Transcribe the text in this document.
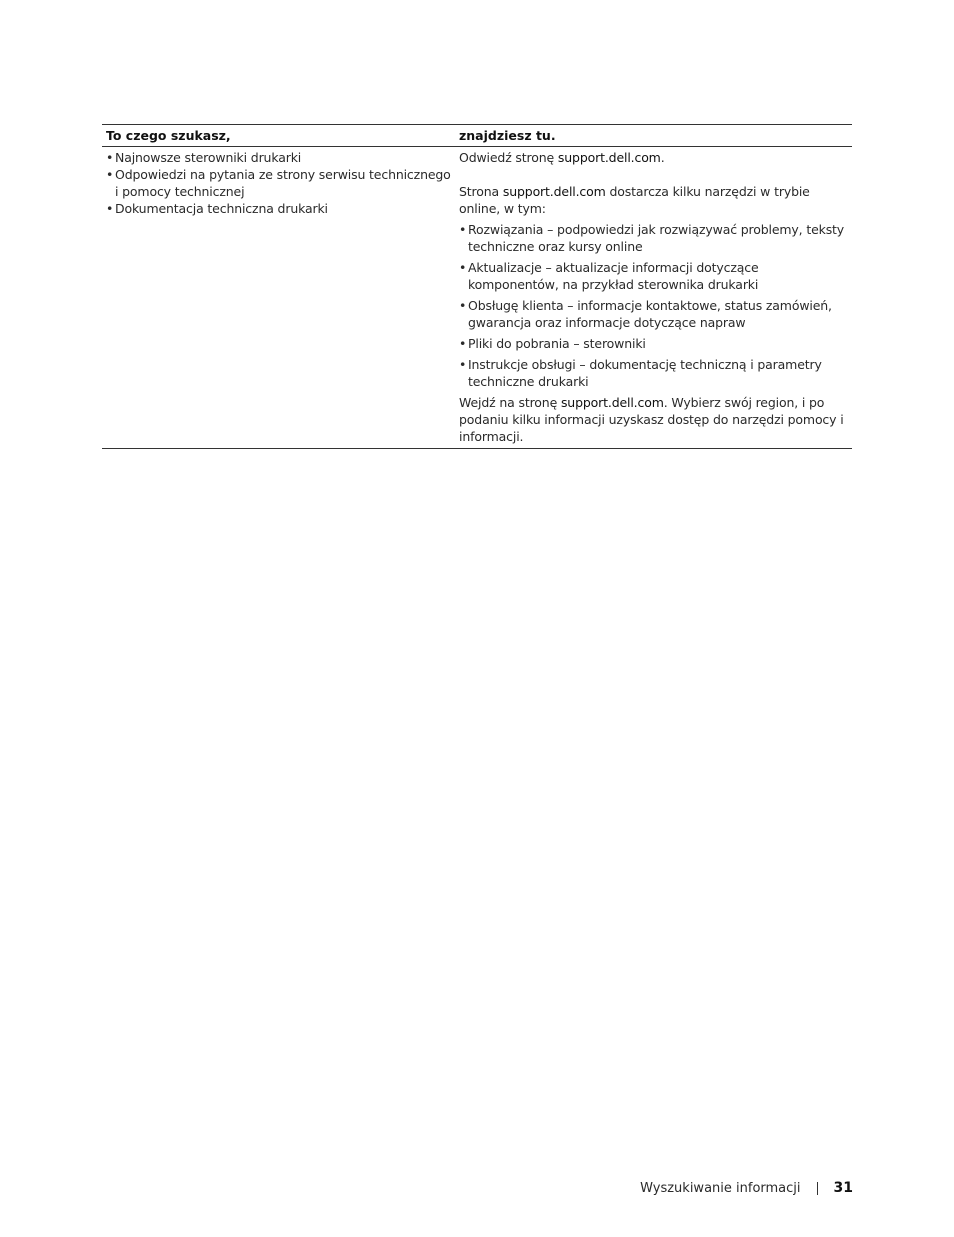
To czego szukasz,	znajdziesz tu.
• Najnowsze sterowniki drukarki
• Odpowiedzi na pytania ze strony serwisu technicznego i pomocy technicznej
• Dokumentacja techniczna drukarki

Odwiedź stronę support.dell.com.

Strona support.dell.com dostarcza kilku narzędzi w trybie online, w tym:

• Rozwiązania – podpowiedzi jak rozwiązywać problemy, teksty techniczne oraz kursy online
• Aktualizacje – aktualizacje informacji dotyczące komponentów, na przykład sterownika drukarki
• Obsługę klienta – informacje kontaktowe, status zamówień, gwarancja oraz informacje dotyczące napraw
• Pliki do pobrania – sterowniki
• Instrukcje obsługi – dokumentację techniczną i parametry techniczne drukarki

Wejdź na stronę support.dell.com. Wybierz swój region, i po podaniu kilku informacji uzyskasz dostęp do narzędzi pomocy i informacji.

Wyszukiwanie informacji 31
